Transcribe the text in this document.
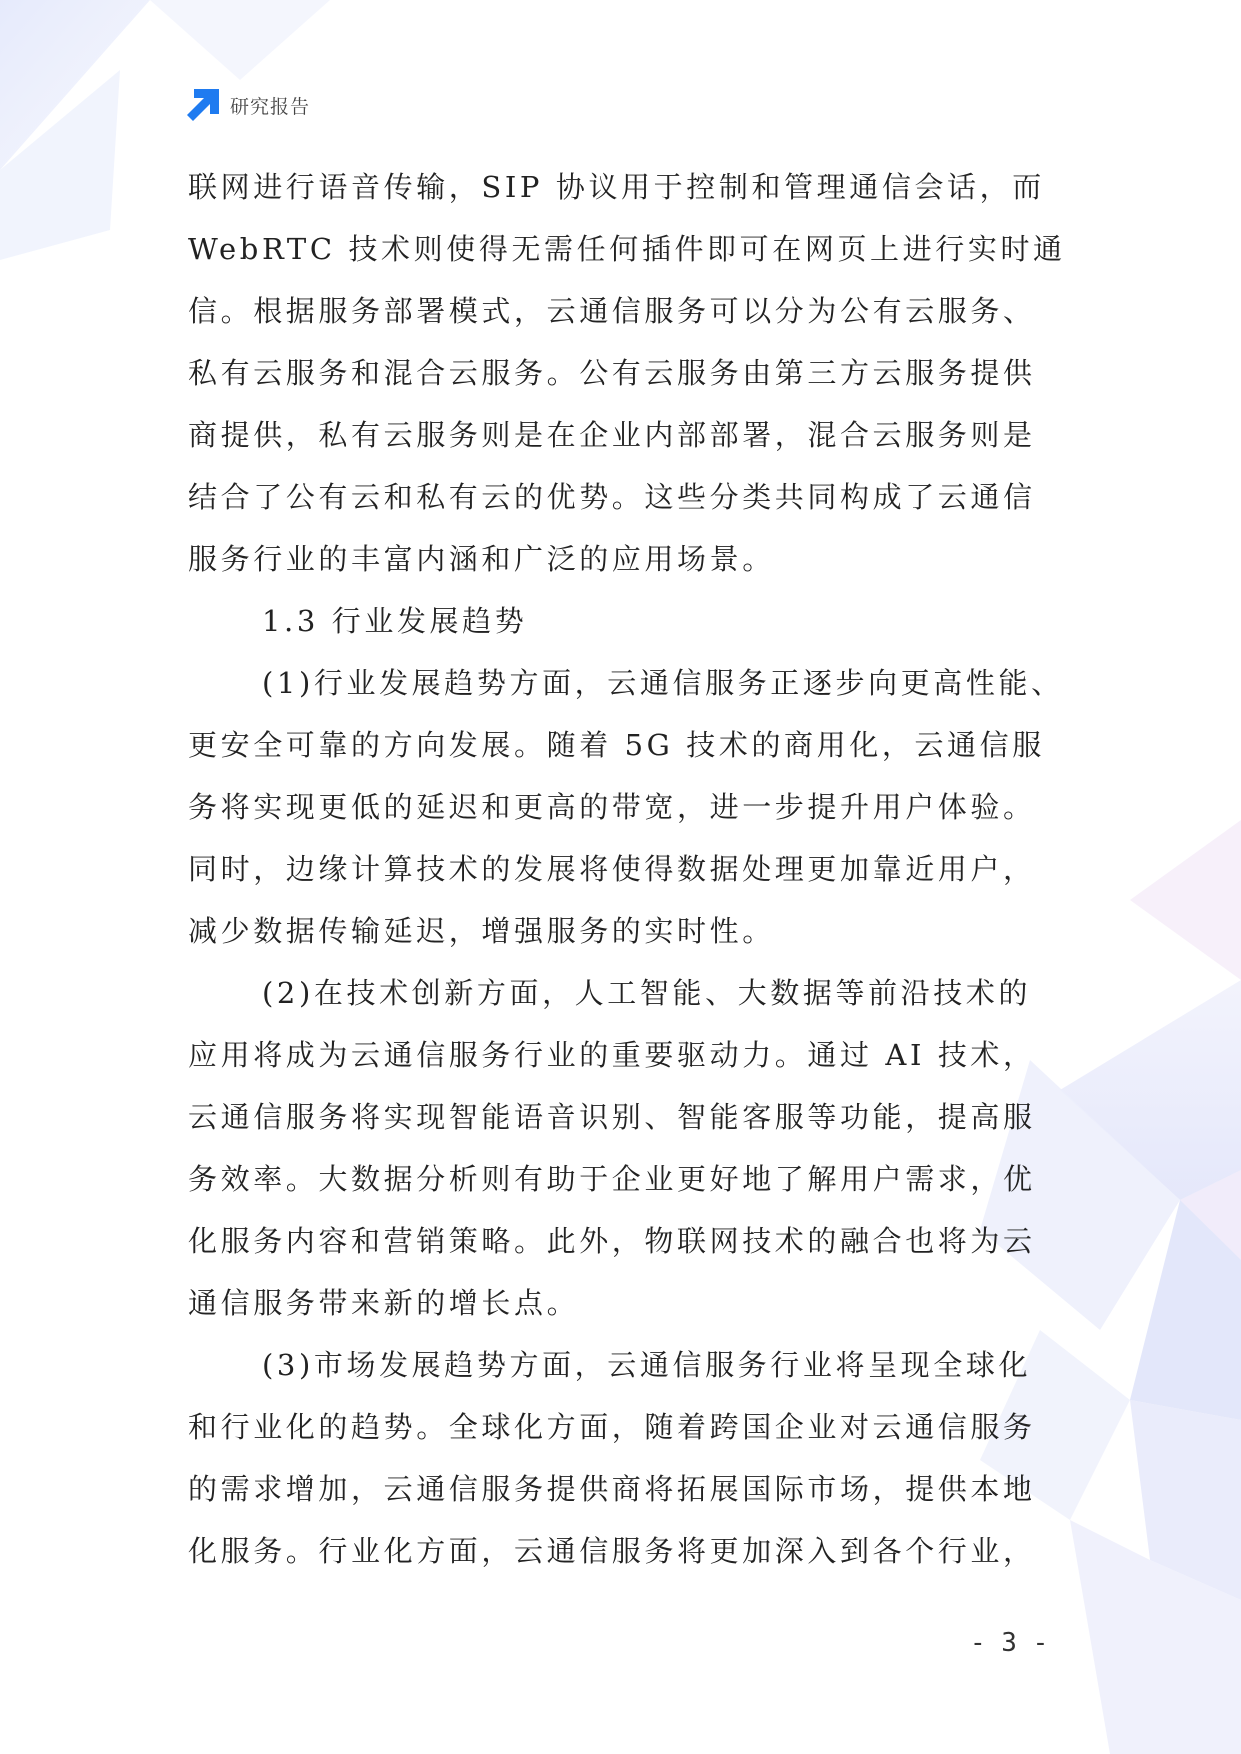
研究报告
联网进行语音传输，SIP 协议用于控制和管理通信会话，而
WebRTC 技术则使得无需任何插件即可在网页上进行实时通
信。根据服务部署模式，云通信服务可以分为公有云服务、
私有云服务和混合云服务。公有云服务由第三方云服务提供
商提供，私有云服务则是在企业内部部署，混合云服务则是
结合了公有云和私有云的优势。这些分类共同构成了云通信
服务行业的丰富内涵和广泛的应用场景。
1.3 行业发展趋势
(1)行业发展趋势方面，云通信服务正逐步向更高性能、
更安全可靠的方向发展。随着 5G 技术的商用化，云通信服
务将实现更低的延迟和更高的带宽，进一步提升用户体验。
同时，边缘计算技术的发展将使得数据处理更加靠近用户，
减少数据传输延迟，增强服务的实时性。
(2)在技术创新方面，人工智能、大数据等前沿技术的
应用将成为云通信服务行业的重要驱动力。通过 AI 技术，
云通信服务将实现智能语音识别、智能客服等功能，提高服
务效率。大数据分析则有助于企业更好地了解用户需求，优
化服务内容和营销策略。此外，物联网技术的融合也将为云
通信服务带来新的增长点。
(3)市场发展趋势方面，云通信服务行业将呈现全球化
和行业化的趋势。全球化方面，随着跨国企业对云通信服务
的需求增加，云通信服务提供商将拓展国际市场，提供本地
化服务。行业化方面，云通信服务将更加深入到各个行业，
- 3 -
